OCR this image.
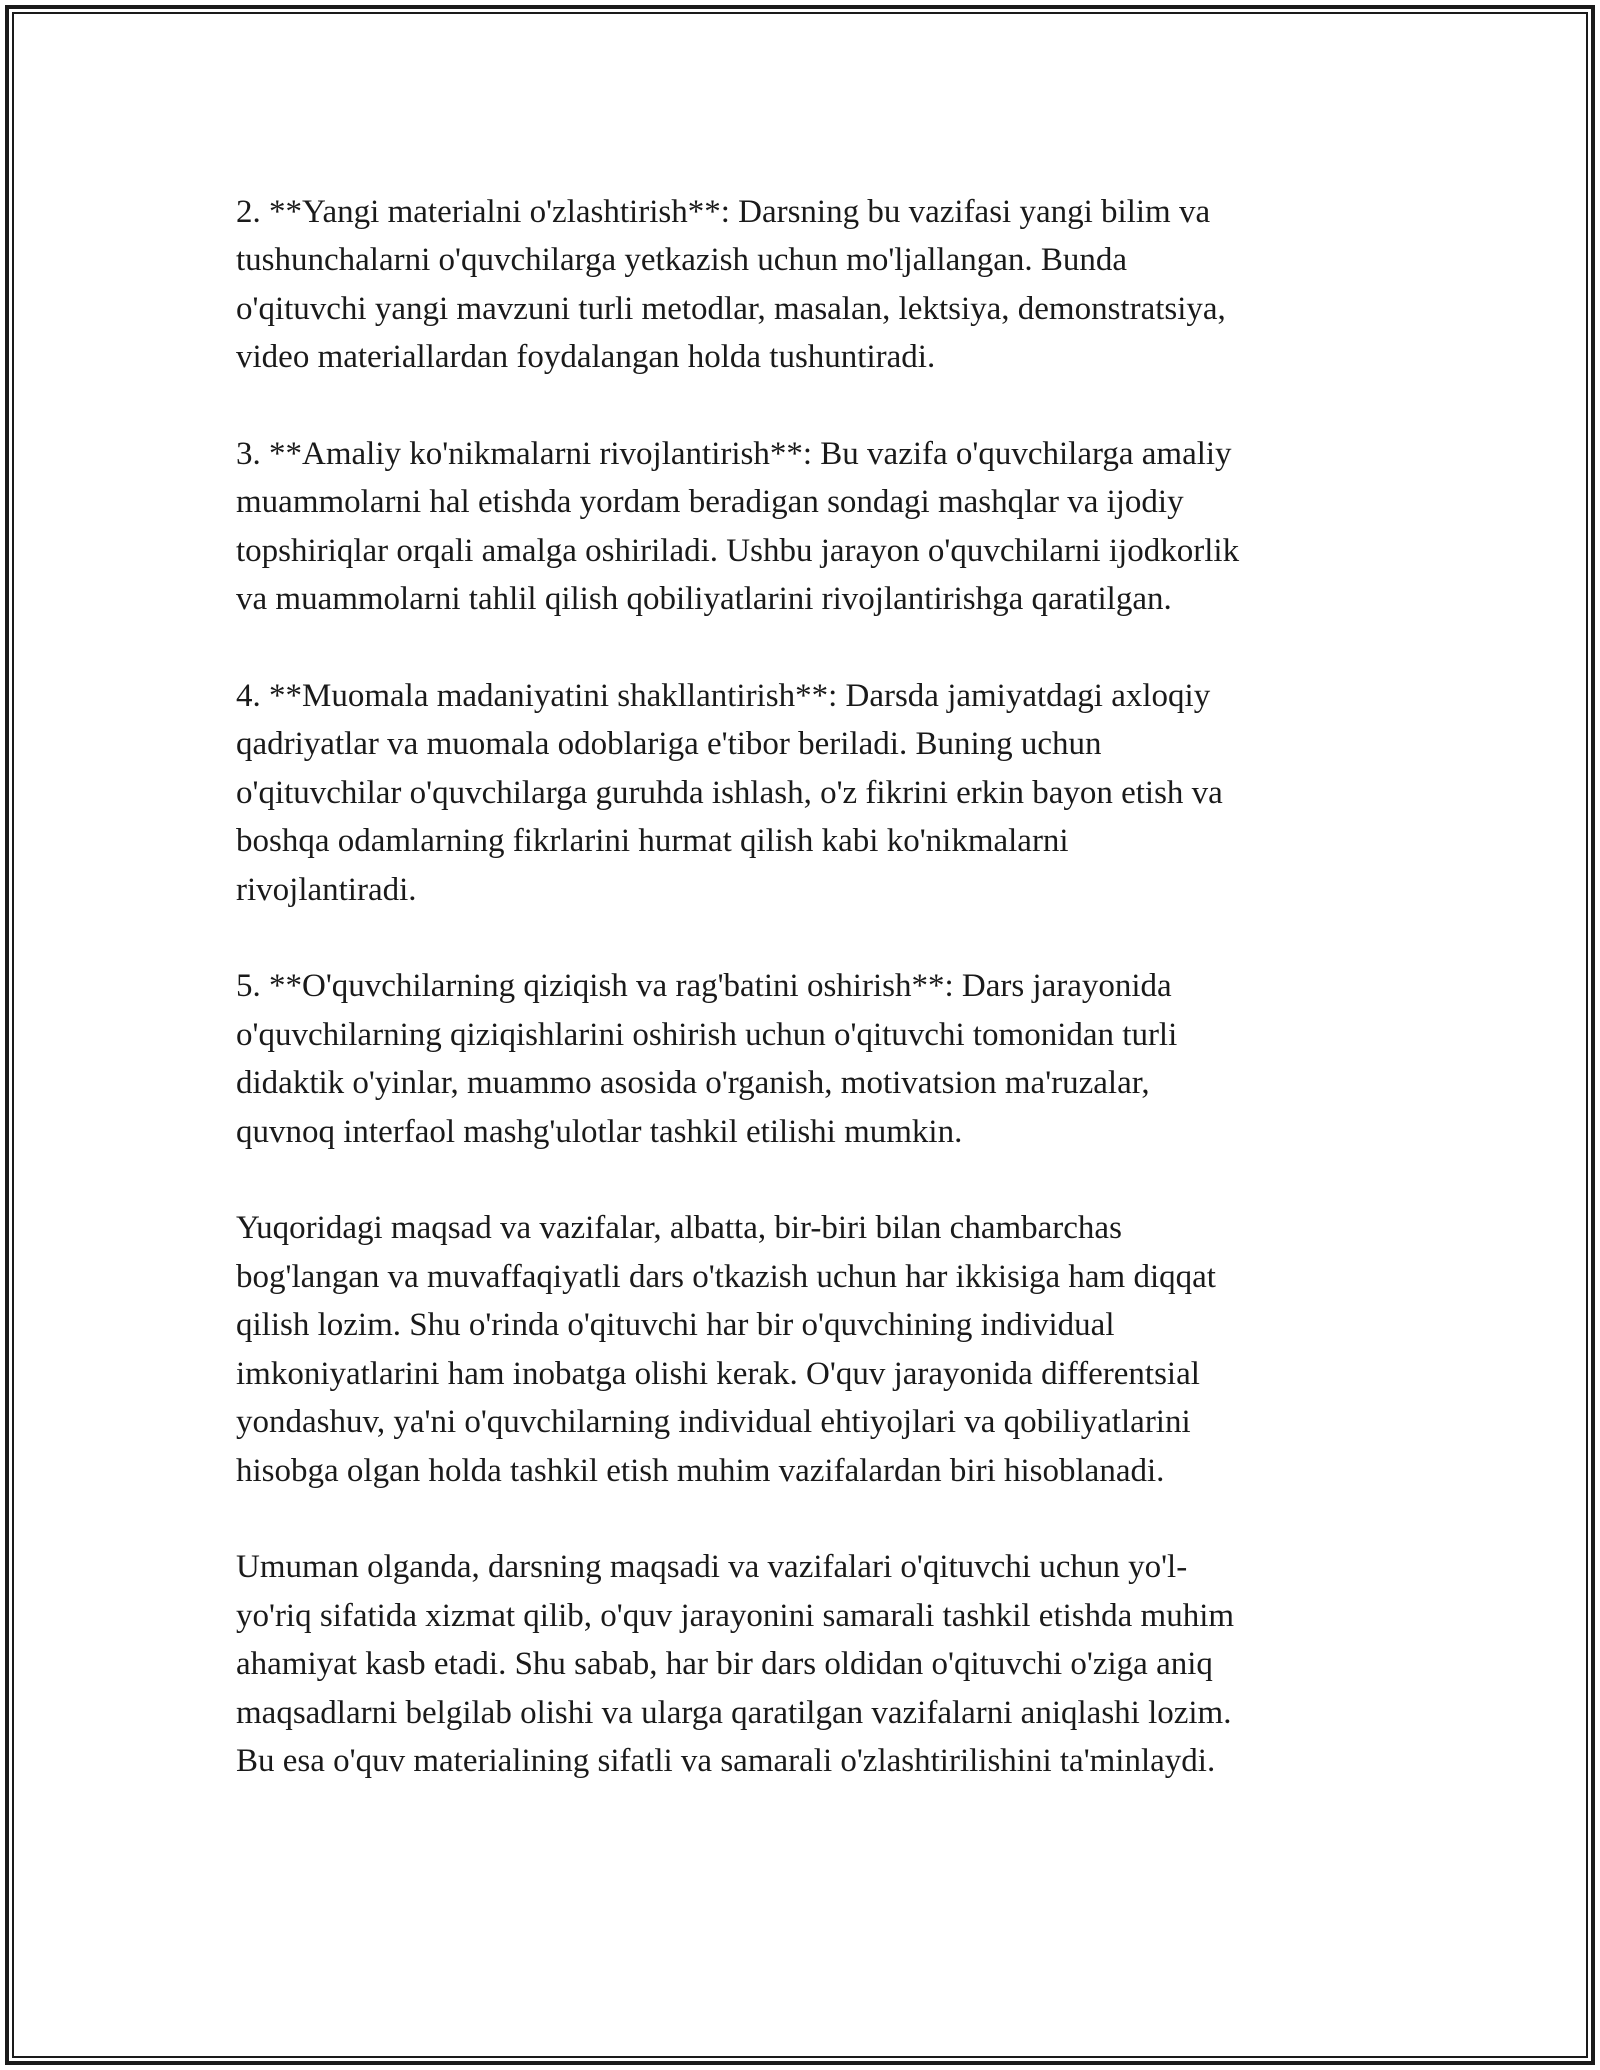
2. **Yangi materialni o'zlashtirish**: Darsning bu vazifasi yangi bilim va
tushunchalarni o'quvchilarga yetkazish uchun mo'ljallangan. Bunda
o'qituvchi yangi mavzuni turli metodlar, masalan, lektsiya, demonstratsiya,
video materiallardan foydalangan holda tushuntiradi.

3. **Amaliy ko'nikmalarni rivojlantirish**: Bu vazifa o'quvchilarga amaliy
muammolarni hal etishda yordam beradigan sondagi mashqlar va ijodiy
topshiriqlar orqali amalga oshiriladi. Ushbu jarayon o'quvchilarni ijodkorlik
va muammolarni tahlil qilish qobiliyatlarini rivojlantirishga qaratilgan.

4. **Muomala madaniyatini shakllantirish**: Darsda jamiyatdagi axloqiy
qadriyatlar va muomala odoblariga e'tibor beriladi. Buning uchun
o'qituvchilar o'quvchilarga guruhda ishlash, o'z fikrini erkin bayon etish va
boshqa odamlarning fikrlarini hurmat qilish kabi ko'nikmalarni
rivojlantiradi.

5. **O'quvchilarning qiziqish va rag'batini oshirish**: Dars jarayonida
o'quvchilarning qiziqishlarini oshirish uchun o'qituvchi tomonidan turli
didaktik o'yinlar, muammo asosida o'rganish, motivatsion ma'ruzalar,
quvnoq interfaol mashg'ulotlar tashkil etilishi mumkin.

Yuqoridagi maqsad va vazifalar, albatta, bir-biri bilan chambarchas
bog'langan va muvaffaqiyatli dars o'tkazish uchun har ikkisiga ham diqqat
qilish lozim. Shu o'rinda o'qituvchi har bir o'quvchining individual
imkoniyatlarini ham inobatga olishi kerak. O'quv jarayonida differentsial
yondashuv, ya'ni o'quvchilarning individual ehtiyojlari va qobiliyatlarini
hisobga olgan holda tashkil etish muhim vazifalardan biri hisoblanadi.

Umuman olganda, darsning maqsadi va vazifalari o'qituvchi uchun yo'l-
yo'riq sifatida xizmat qilib, o'quv jarayonini samarali tashkil etishda muhim
ahamiyat kasb etadi. Shu sabab, har bir dars oldidan o'qituvchi o'ziga aniq
maqsadlarni belgilab olishi va ularga qaratilgan vazifalarni aniqlashi lozim.
Bu esa o'quv materialining sifatli va samarali o'zlashtirilishini ta'minlaydi.
